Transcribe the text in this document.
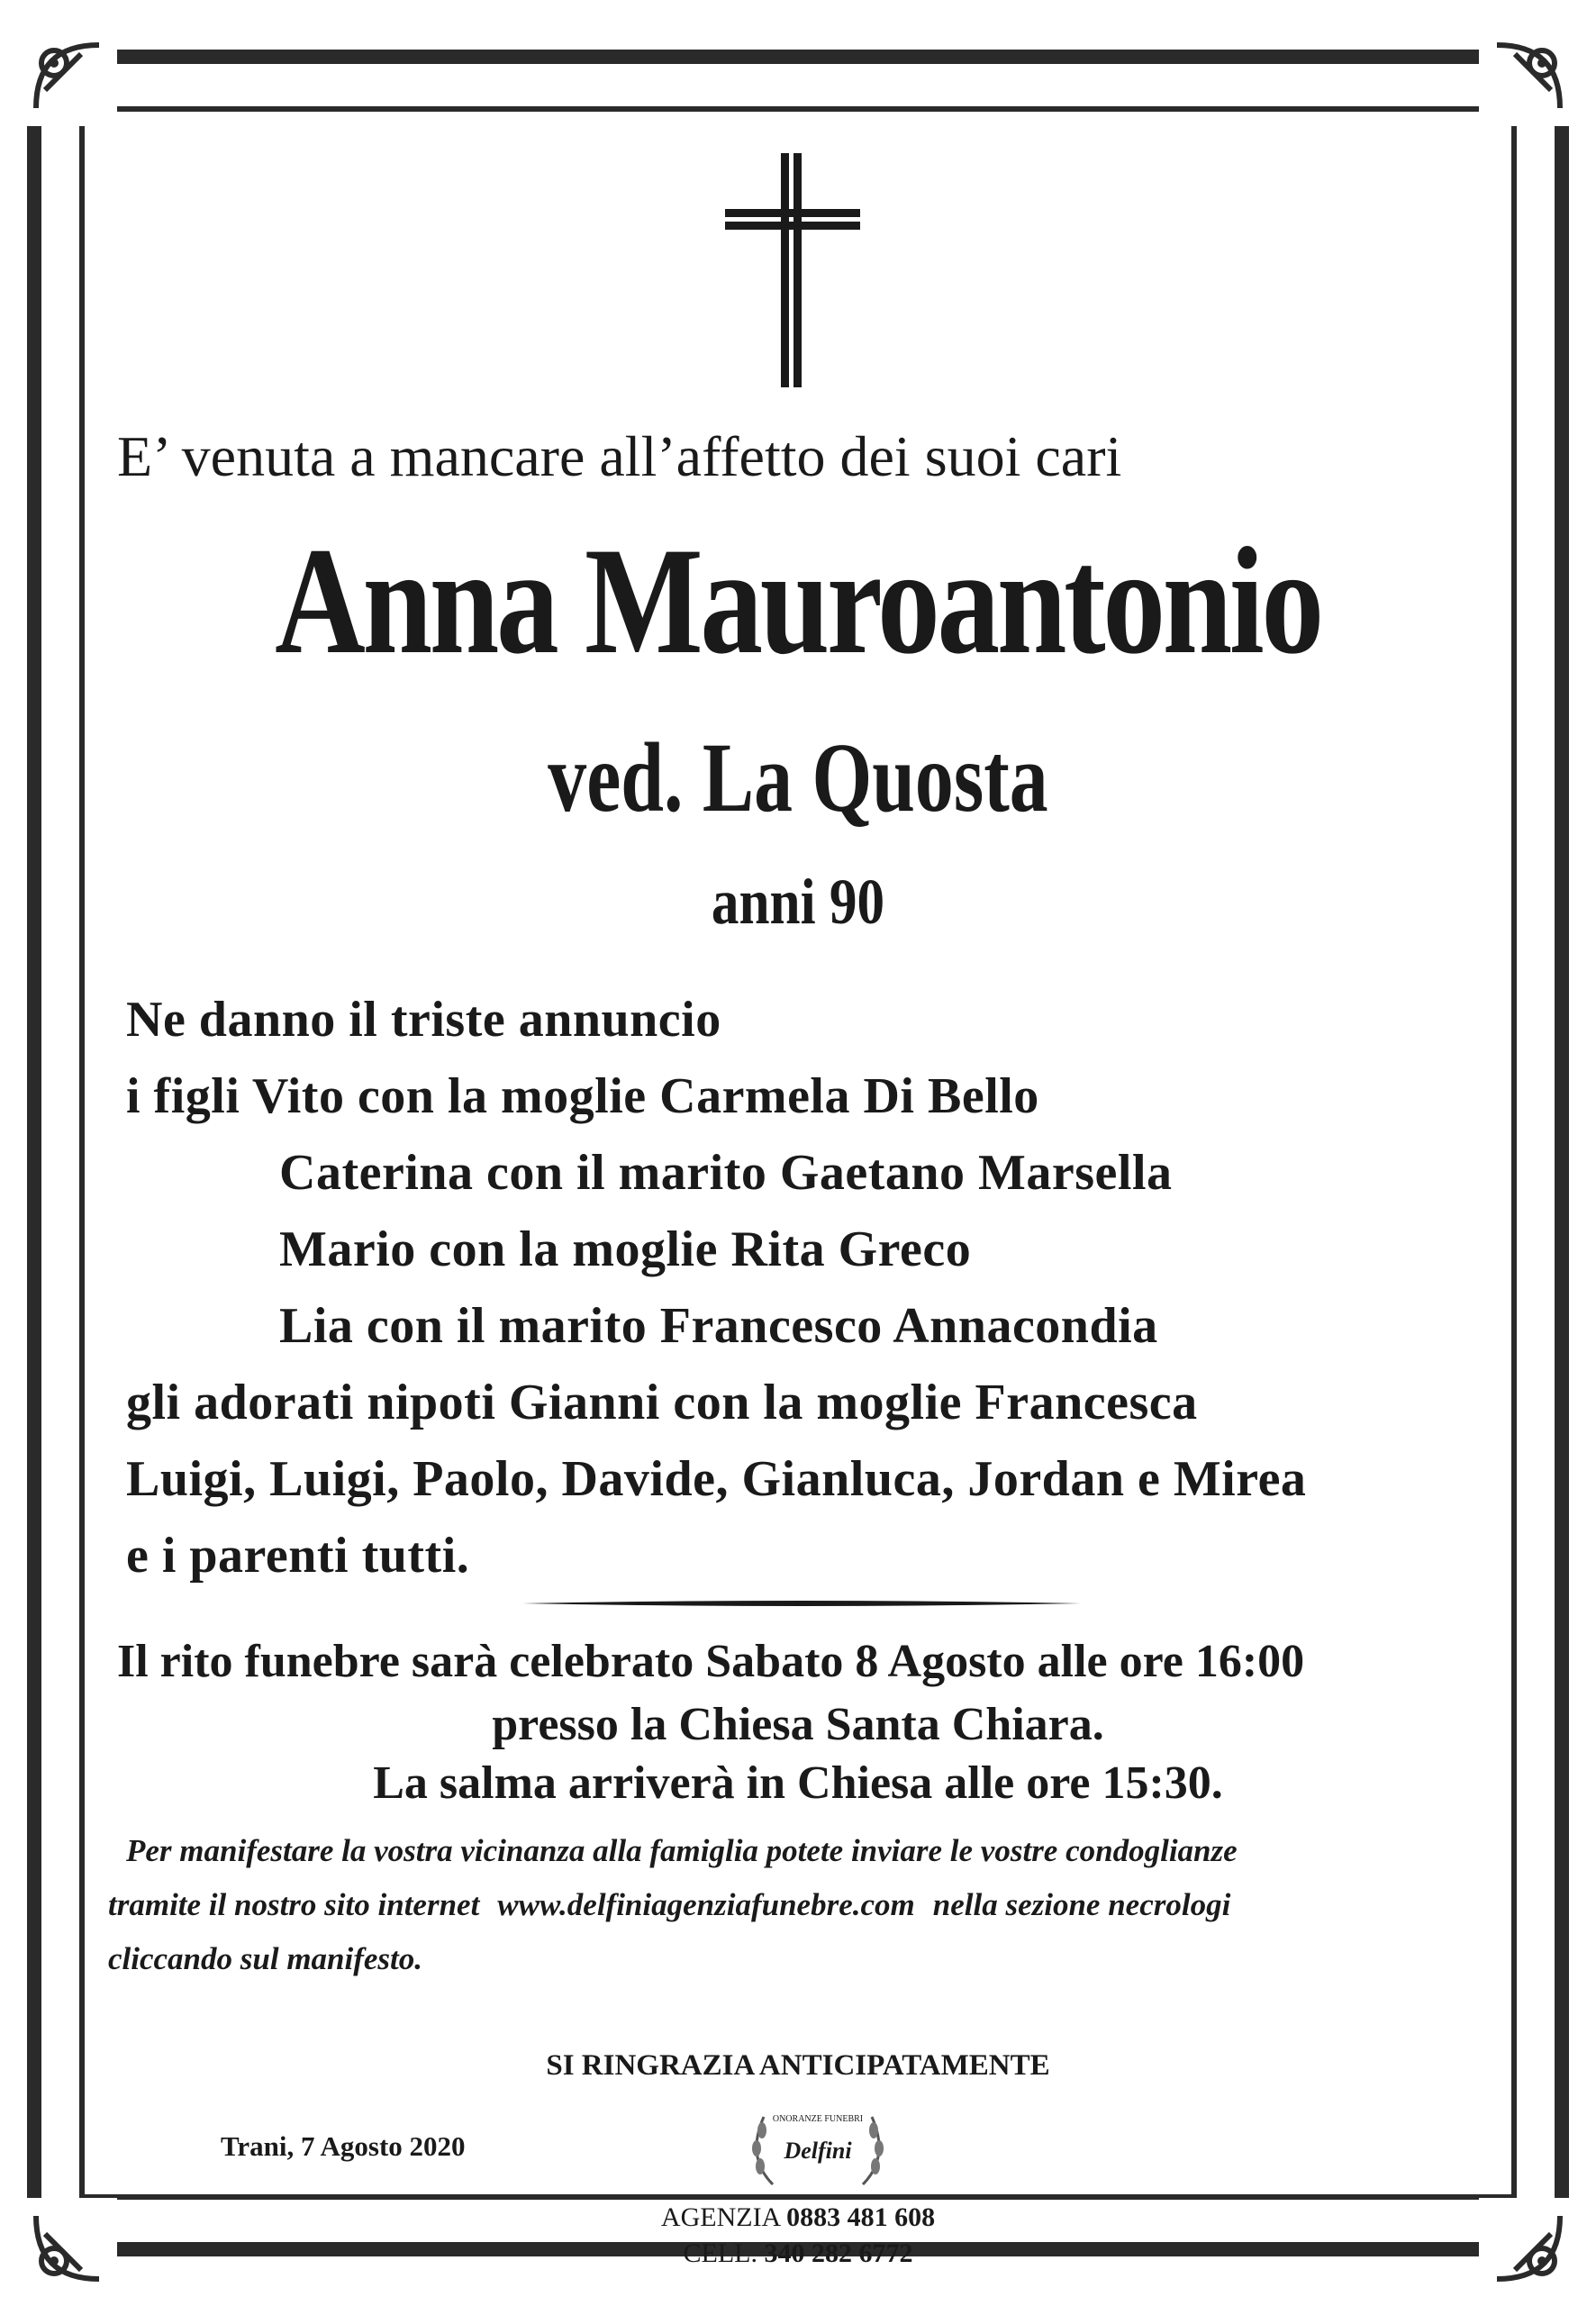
E’ venuta a mancare all’affetto dei suoi cari
Anna Mauroantonio
ved. La Quosta
anni 90
Ne danno il triste annuncio
i figli Vito con la moglie Carmela Di Bello
Caterina con il marito Gaetano Marsella
Mario con la moglie Rita Greco
Lia con il marito Francesco Annacondia
gli adorati nipoti Gianni con la moglie Francesca
Luigi, Luigi, Paolo, Davide, Gianluca, Jordan e Mirea
e i parenti tutti.
Il rito funebre sarà celebrato Sabato 8 Agosto alle ore 16:00
presso la Chiesa Santa Chiara.
La salma arriverà in Chiesa alle ore 15:30.
Per manifestare la vostra vicinanza alla famiglia potete inviare le vostre condoglianze
tramite il nostro sito internet www.delfiniagenziafunebre.com nella sezione necrologi
cliccando sul manifesto.
SI RINGRAZIA ANTICIPATAMENTE
Trani, 7 Agosto 2020
ONORANZE FUNEBRI
Delfini
AGENZIA 0883 481 608
CELL. 340 282 6772
